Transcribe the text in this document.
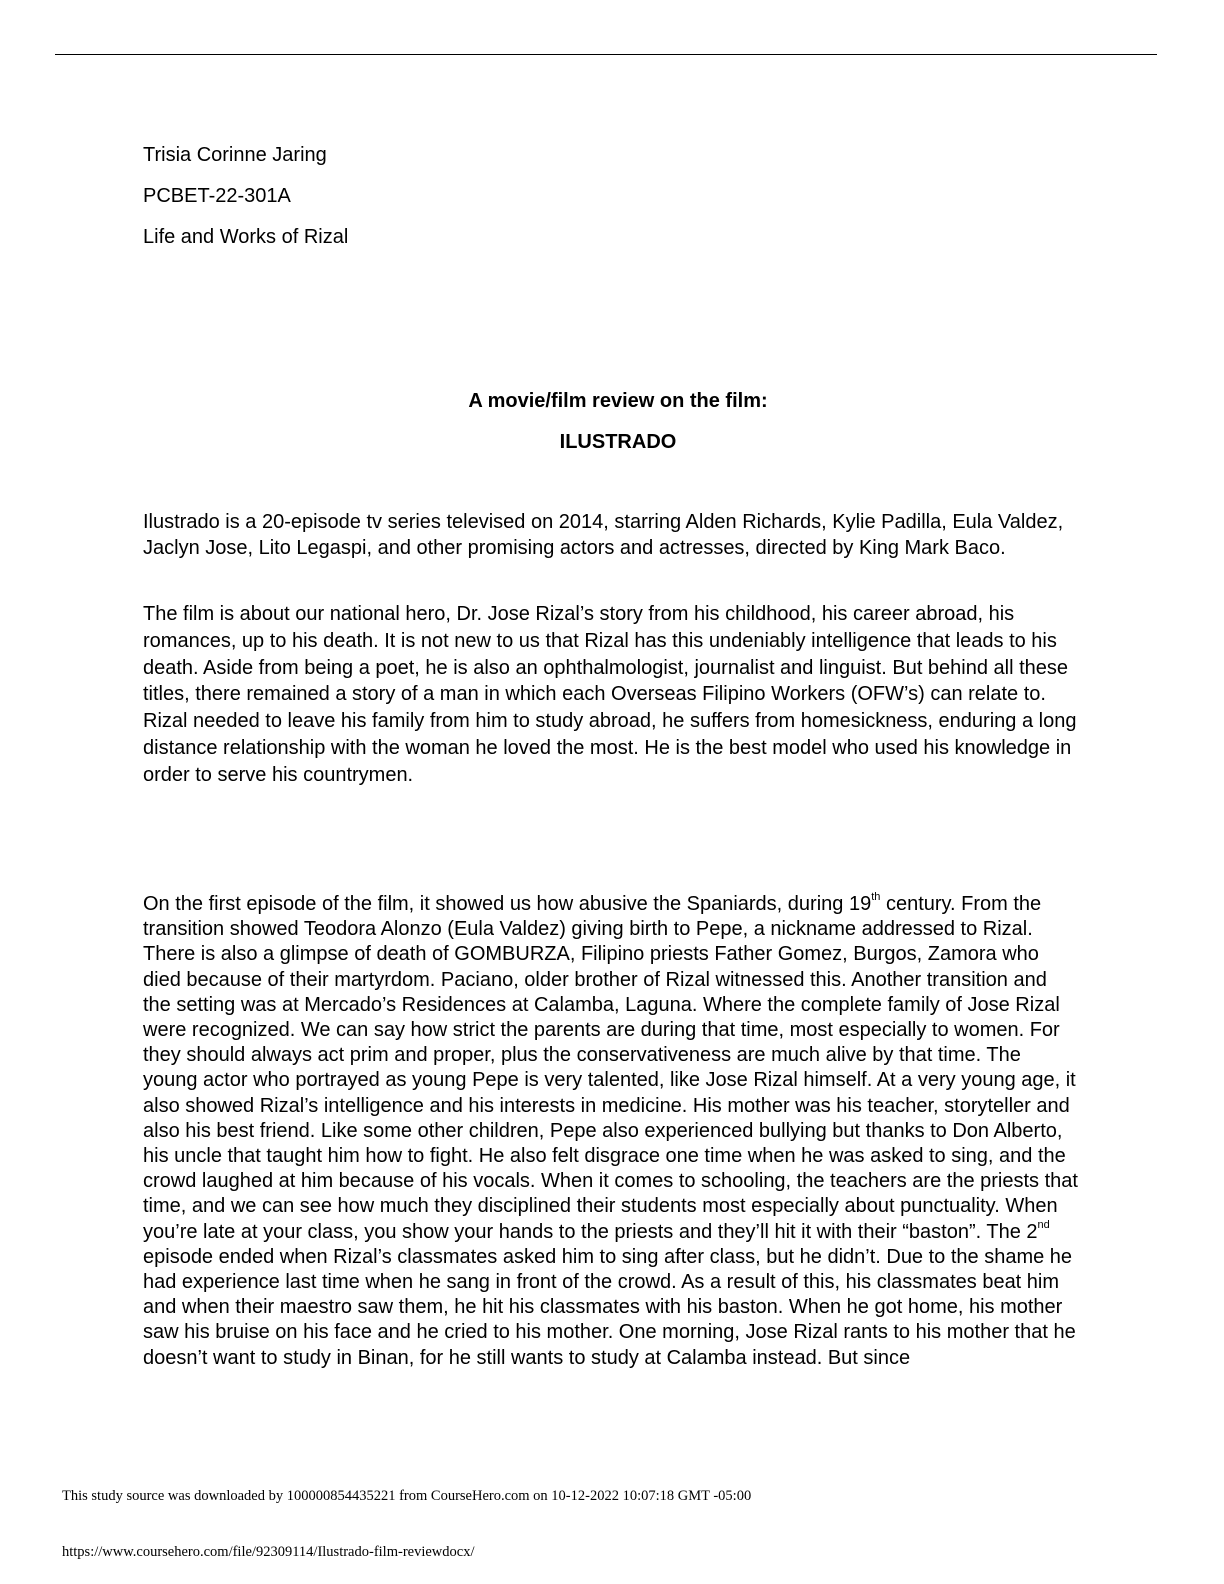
Trisia Corinne Jaring
PCBET-22-301A
Life and Works of Rizal
A movie/film review on the film:
ILUSTRADO

Ilustrado is a 20-episode tv series televised on 2014, starring Alden Richards, Kylie Padilla, Eula Valdez, Jaclyn Jose, Lito Legaspi, and other promising actors and actresses, directed by King Mark Baco.

The film is about our national hero, Dr. Jose Rizal’s story from his childhood, his career abroad, his romances, up to his death. It is not new to us that Rizal has this undeniably intelligence that leads to his death. Aside from being a poet, he is also an ophthalmologist, journalist and linguist. But behind all these titles, there remained a story of a man in which each Overseas Filipino Workers (OFW’s) can relate to. Rizal needed to leave his family from him to study abroad, he suffers from homesickness, enduring a long distance relationship with the woman he loved the most. He is the best model who used his knowledge in order to serve his countrymen.

On the first episode of the film, it showed us how abusive the Spaniards, during 19th century. From the transition showed Teodora Alonzo (Eula Valdez) giving birth to Pepe, a nickname addressed to Rizal. There is also a glimpse of death of GOMBURZA, Filipino priests Father Gomez, Burgos, Zamora who died because of their martyrdom. Paciano, older brother of Rizal witnessed this. Another transition and the setting was at Mercado’s Residences at Calamba, Laguna. Where the complete family of Jose Rizal were recognized. We can say how strict the parents are during that time, most especially to women. For they should always act prim and proper, plus the conservativeness are much alive by that time. The young actor who portrayed as young Pepe is very talented, like Jose Rizal himself. At a very young age, it also showed Rizal’s intelligence and his interests in medicine. His mother was his teacher, storyteller and also his best friend. Like some other children, Pepe also experienced bullying but thanks to Don Alberto, his uncle that taught him how to fight. He also felt disgrace one time when he was asked to sing, and the crowd laughed at him because of his vocals. When it comes to schooling, the teachers are the priests that time, and we can see how much they disciplined their students most especially about punctuality. When you’re late at your class, you show your hands to the priests and they’ll hit it with their “baston”. The 2nd episode ended when Rizal’s classmates asked him to sing after class, but he didn’t. Due to the shame he had experience last time when he sang in front of the crowd. As a result of this, his classmates beat him and when their maestro saw them, he hit his classmates with his baston. When he got home, his mother saw his bruise on his face and he cried to his mother. One morning, Jose Rizal rants to his mother that he doesn’t want to study in Binan, for he still wants to study at Calamba instead. But since

This study source was downloaded by 100000854435221 from CourseHero.com on 10-12-2022 10:07:18 GMT -05:00
https://www.coursehero.com/file/92309114/Ilustrado-film-reviewdocx/
